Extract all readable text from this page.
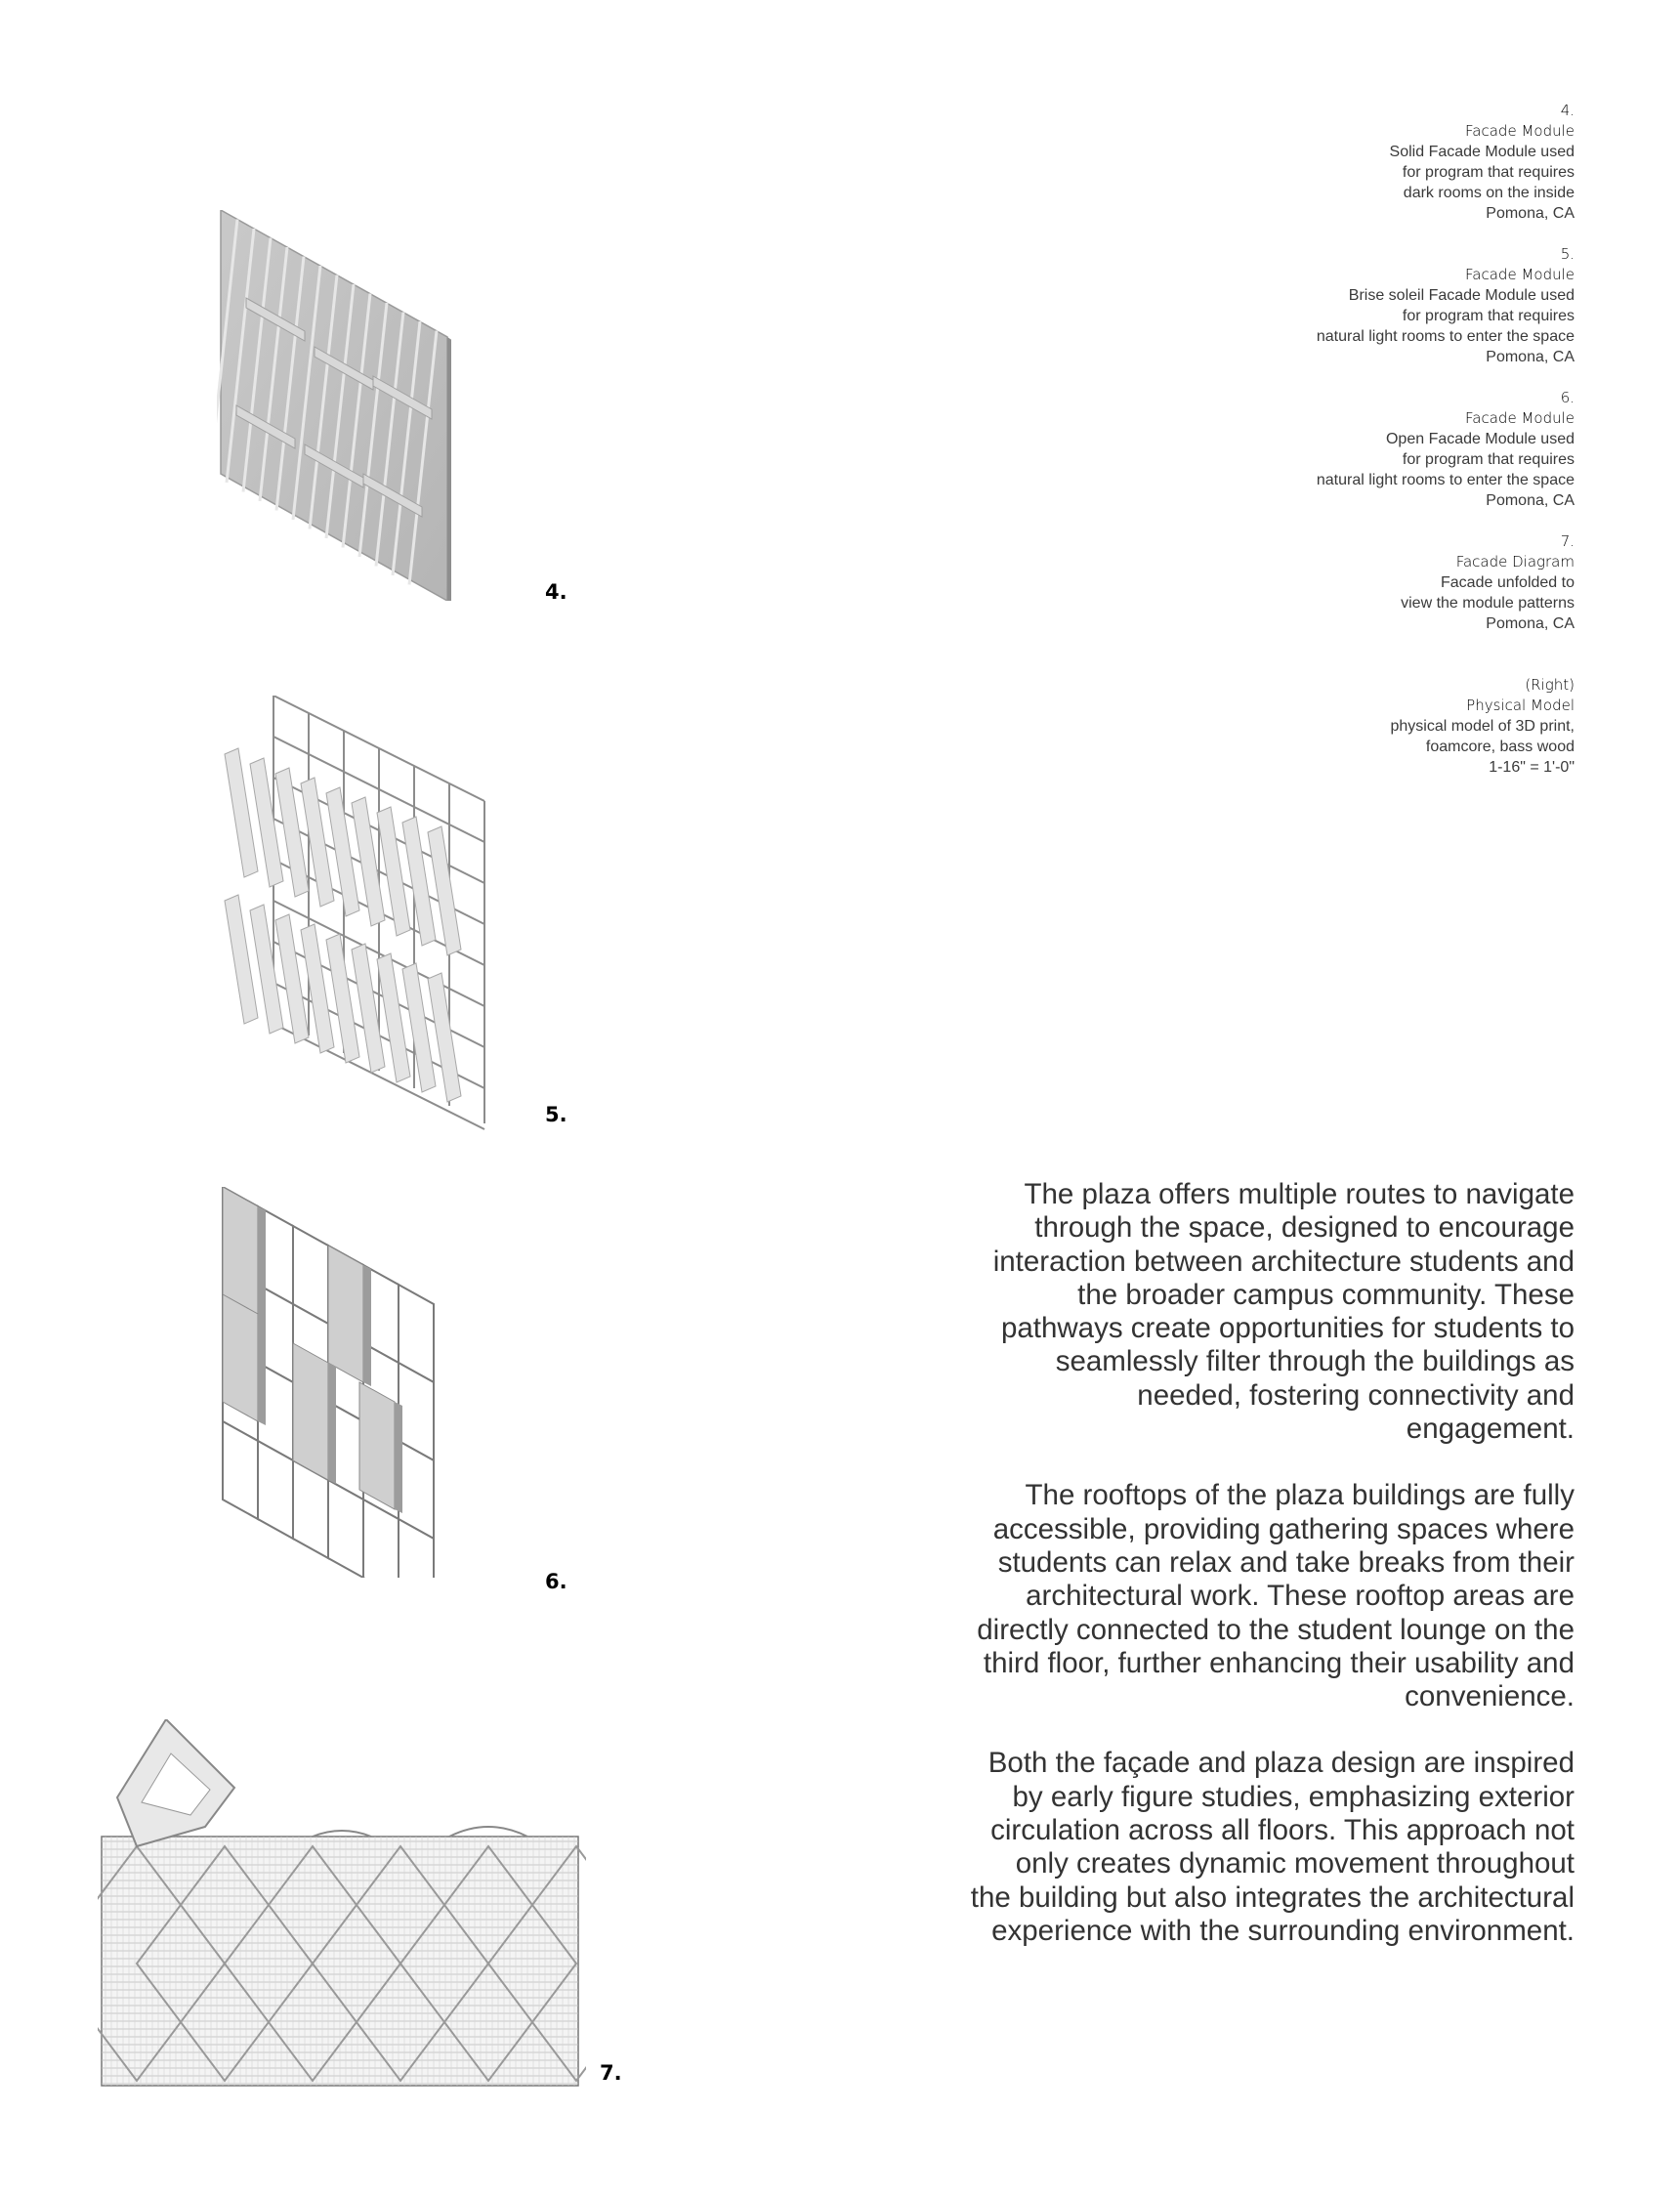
4.
5.
6.
7.
4.
Facade Module
Solid Facade Module used
for program that requires
dark rooms on the inside
Pomona, CA
5.
Facade Module
Brise soleil Facade Module used
for program that requires
natural light rooms to enter the space
Pomona, CA
6.
Facade Module
Open Facade Module used
for program that requires
natural light rooms to enter the space
Pomona, CA
7.
Facade Diagram
Facade unfolded to
view the module patterns
Pomona, CA
(Right)
Physical Model
physical model of 3D print,
foamcore, bass wood
1-16" = 1'-0"

The plaza offers multiple routes to navigate through the space, designed to encourage interaction between architecture students and the broader campus community. These pathways create opportunities for students to seamlessly filter through the buildings as needed, fostering connectivity and engagement.

The rooftops of the plaza buildings are fully accessible, providing gathering spaces where students can relax and take breaks from their architectural work. These rooftop areas are directly connected to the student lounge on the third floor, further enhancing their usability and convenience.

Both the façade and plaza design are inspired by early figure studies, emphasizing exterior circulation across all floors. This approach not only creates dynamic movement throughout the building but also integrates the architectural experience with the surrounding environment.
